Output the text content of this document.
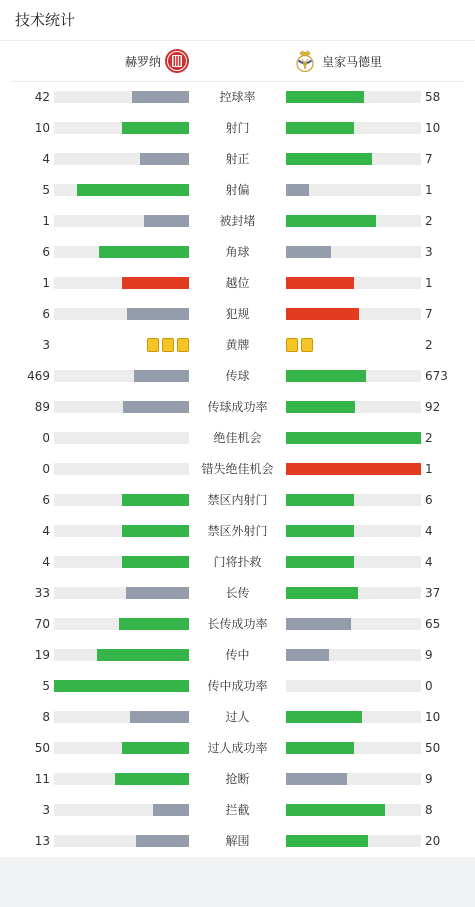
技术统计
赫罗纳	皇家马德里
42	控球率	58
10	射门	10
4	射正	7
5	射偏	1
1	被封堵	2
6	角球	3
1	越位	1
6	犯规	7
3	黄牌	2
469	传球	673
89	传球成功率	92
0	绝佳机会	2
0	错失绝佳机会	1
6	禁区内射门	6
4	禁区外射门	4
4	门将扑救	4
33	长传	37
70	长传成功率	65
19	传中	9
5	传中成功率	0
8	过人	10
50	过人成功率	50
11	抢断	9
3	拦截	8
13	解围	20
